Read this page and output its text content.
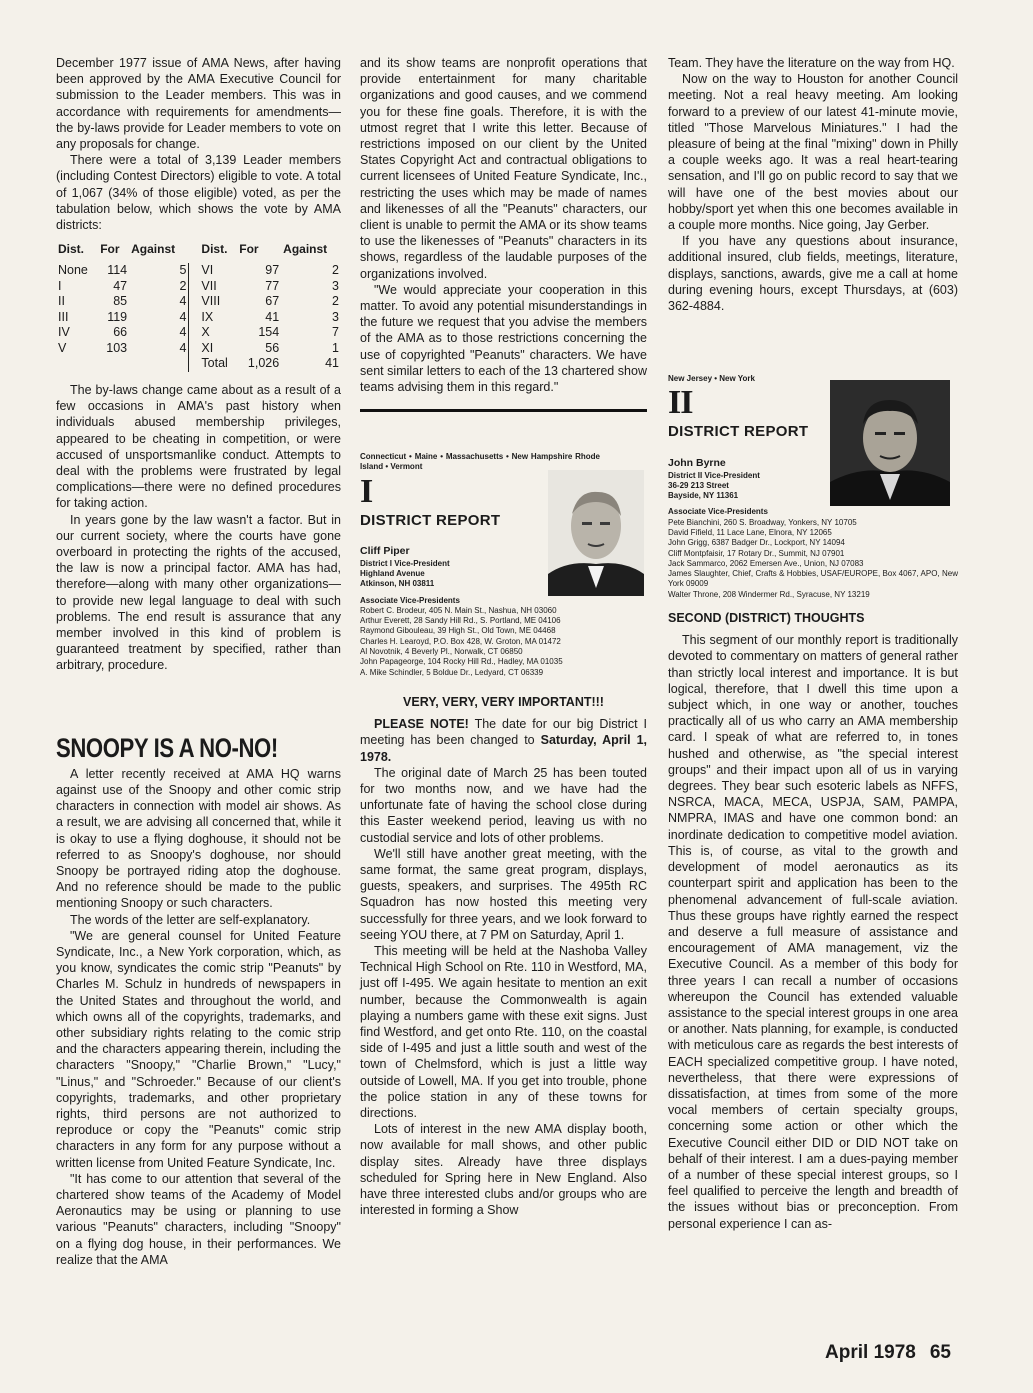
December 1977 issue of AMA News, after having been approved by the AMA Executive Council for submission to the Leader members. This was in accordance with requirements for amendments—the by-laws provide for Leader members to vote on any proposals for change.

There were a total of 3,139 Leader members (including Contest Directors) eligible to vote. A total of 1,067 (34% of those eligible) voted, as per the tabulation below, which shows the vote by AMA districts:

Dist.	For	Against		Dist.	For	Against
None	114	5		VI	97	2
I	47	2		VII	77	3
II	85	4		VIII	67	2
III	119	4		IX	41	3
IV	66	4		X	154	7
V	103	4		XI	56	1
				Total	1,026	41

The by-laws change came about as a result of a few occasions in AMA's past history when individuals abused membership privileges, appeared to be cheating in competition, or were accused of unsportsmanlike conduct. Attempts to deal with the problems were frustrated by legal complications—there were no defined procedures for taking action.

In years gone by the law wasn't a factor. But in our current society, where the courts have gone overboard in protecting the rights of the accused, the law is now a principal factor. AMA has had, therefore—along with many other organizations—to provide new legal language to deal with such problems. The end result is assurance that any member involved in this kind of problem is guaranteed treatment by specified, rather than arbitrary, procedure.

SNOOPY IS A NO-NO!

A letter recently received at AMA HQ warns against use of the Snoopy and other comic strip characters in connection with model air shows. As a result, we are advising all concerned that, while it is okay to use a flying doghouse, it should not be referred to as Snoopy's doghouse, nor should Snoopy be portrayed riding atop the doghouse. And no reference should be made to the public mentioning Snoopy or such characters.

The words of the letter are self-explanatory.

"We are general counsel for United Feature Syndicate, Inc., a New York corporation, which, as you know, syndicates the comic strip "Peanuts" by Charles M. Schulz in hundreds of newspapers in the United States and throughout the world, and which owns all of the copyrights, trademarks, and other subsidiary rights relating to the comic strip and the characters appearing therein, including the characters "Snoopy," "Charlie Brown," "Lucy," "Linus," and "Schroeder." Because of our client's copyrights, trademarks, and other proprietary rights, third persons are not authorized to reproduce or copy the "Peanuts" comic strip characters in any form for any purpose without a written license from United Feature Syndicate, Inc.

"It has come to our attention that several of the chartered show teams of the Academy of Model Aeronautics may be using or planning to use various "Peanuts" characters, including "Snoopy" on a flying dog house, in their performances. We realize that the AMA

and its show teams are nonprofit operations that provide entertainment for many charitable organizations and good causes, and we commend you for these fine goals. Therefore, it is with the utmost regret that I write this letter. Because of restrictions imposed on our client by the United States Copyright Act and contractual obligations to current licensees of United Feature Syndicate, Inc., restricting the uses which may be made of names and likenesses of all the "Peanuts" characters, our client is unable to permit the AMA or its show teams to use the likenesses of "Peanuts" characters in its shows, regardless of the laudable purposes of the organizations involved.

"We would appreciate your cooperation in this matter. To avoid any potential misunderstandings in the future we request that you advise the members of the AMA as to those restrictions concerning the use of copyrighted "Peanuts" characters. We have sent similar letters to each of the 13 chartered show teams advising them in this regard."

Connecticut • Maine • Massachusetts • New Hampshire Rhode Island • Vermont
I
DISTRICT REPORT
Cliff Piper
District I Vice-President
Highland Avenue
Atkinson, NH 03811
Associate Vice-Presidents
Robert C. Brodeur, 405 N. Main St., Nashua, NH 03060
Arthur Everett, 28 Sandy Hill Rd., S. Portland, ME 04106
Raymond Gibouleau, 39 High St., Old Town, ME 04468
Charles H. Learoyd, P.O. Box 428, W. Groton, MA 01472
Al Novotnik, 4 Beverly Pl., Norwalk, CT 06850
John Papageorge, 104 Rocky Hill Rd., Hadley, MA 01035
A. Mike Schindler, 5 Boldue Dr., Ledyard, CT 06339
VERY, VERY, VERY IMPORTANT!!!

PLEASE NOTE! The date for our big District I meeting has been changed to Saturday, April 1, 1978.

The original date of March 25 has been touted for two months now, and we have had the unfortunate fate of having the school close during this Easter weekend period, leaving us with no custodial service and lots of other problems.

We'll still have another great meeting, with the same format, the same great program, displays, guests, speakers, and surprises. The 495th RC Squadron has now hosted this meeting very successfully for three years, and we look forward to seeing YOU there, at 7 PM on Saturday, April 1.

This meeting will be held at the Nashoba Valley Technical High School on Rte. 110 in Westford, MA, just off I-495. We again hesitate to mention an exit number, because the Commonwealth is again playing a numbers game with these exit signs. Just find Westford, and get onto Rte. 110, on the coastal side of I-495 and just a little south and west of the town of Chelmsford, which is just a little way outside of Lowell, MA. If you get into trouble, phone the police station in any of these towns for directions.

Lots of interest in the new AMA display booth, now available for mall shows, and other public display sites. Already have three displays scheduled for Spring here in New England. Also have three interested clubs and/or groups who are interested in forming a Show

Team. They have the literature on the way from HQ.

Now on the way to Houston for another Council meeting. Not a real heavy meeting. Am looking forward to a preview of our latest 41-minute movie, titled "Those Marvelous Miniatures." I had the pleasure of being at the final "mixing" down in Philly a couple weeks ago. It was a real heart-tearing sensation, and I'll go on public record to say that we will have one of the best movies about our hobby/sport yet when this one becomes available in a couple more months. Nice going, Jay Gerber.

If you have any questions about insurance, additional insured, club fields, meetings, literature, displays, sanctions, awards, give me a call at home during evening hours, except Thursdays, at (603) 362-4884.

New Jersey • New York
II
DISTRICT REPORT
John Byrne
District II Vice-President
36-29 213 Street
Bayside, NY 11361
Associate Vice-Presidents
Pete Bianchini, 260 S. Broadway, Yonkers, NY 10705
David Fifield, 11 Lace Lane, Elnora, NY 12065
John Grigg, 6387 Badger Dr., Lockport, NY 14094
Cliff Montpfaisir, 17 Rotary Dr., Summit, NJ 07901
Jack Sammarco, 2062 Emersen Ave., Union, NJ 07083
James Slaughter, Chief, Crafts & Hobbies, USAF/EUROPE, Box 4067, APO, New York 09009
Walter Throne, 208 Windermer Rd., Syracuse, NY 13219
SECOND (DISTRICT) THOUGHTS

This segment of our monthly report is traditionally devoted to commentary on matters of general rather than strictly local interest and importance. It is but logical, therefore, that I dwell this time upon a subject which, in one way or another, touches practically all of us who carry an AMA membership card. I speak of what are referred to, in tones hushed and otherwise, as "the special interest groups" and their impact upon all of us in varying degrees. They bear such esoteric labels as NFFS, NSRCA, MACA, MECA, USPJA, SAM, PAMPA, NMPRA, IMAS and have one common bond: an inordinate dedication to competitive model aviation. This is, of course, as vital to the growth and development of model aeronautics as its counterpart spirit and application has been to the phenomenal advancement of full-scale aviation. Thus these groups have rightly earned the respect and deserve a full measure of assistance and encouragement of AMA management, viz the Executive Council. As a member of this body for three years I can recall a number of occasions whereupon the Council has extended valuable assistance to the special interest groups in one area or another. Nats planning, for example, is conducted with meticulous care as regards the best interests of EACH specialized competitive group. I have noted, nevertheless, that there were expressions of dissatisfaction, at times from some of the more vocal members of certain specialty groups, concerning some action or other which the Executive Council either DID or DID NOT take on behalf of their interest. I am a dues-paying member of a number of these special interest groups, so I feel qualified to perceive the length and breadth of the issues without bias or preconception. From personal experience I can as-

April 1978 65
